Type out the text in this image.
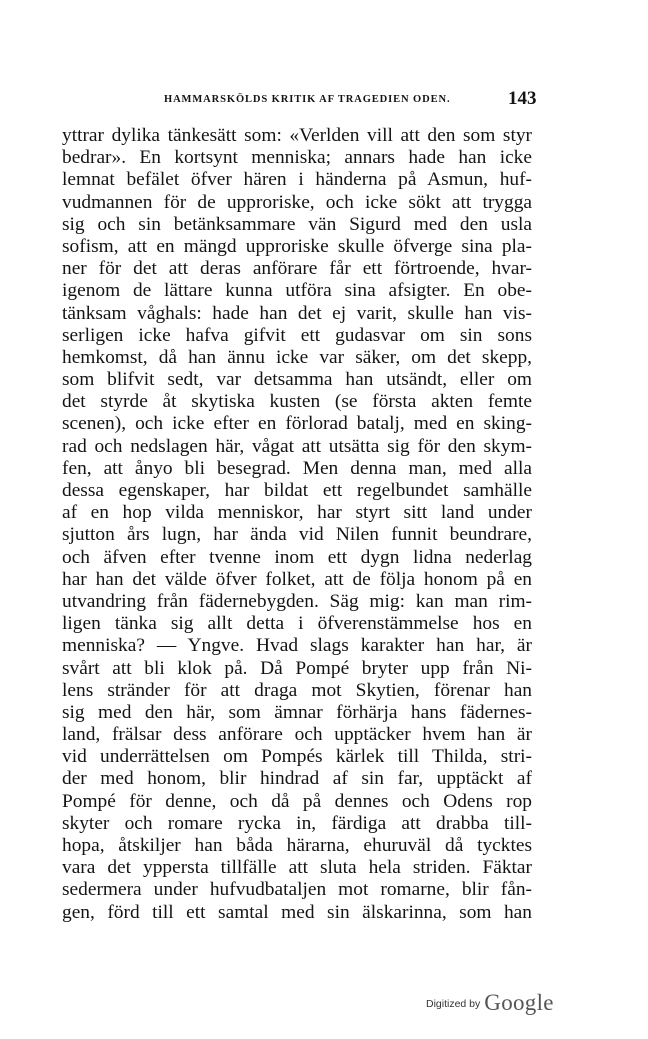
HAMMARSKÖLDS KRITIK AF TRAGEDIEN ODEN.	143
yttrar dylika tänkesätt som: «Verlden vill att den som styr
bedrar». En kortsynt menniska; annars hade han icke
lemnat befälet öfver hären i händerna på Asmun, huf-
vudmannen för de upproriske, och icke sökt att trygga
sig och sin betänksammare vän Sigurd med den usla
sofism, att en mängd upproriske skulle öfverge sina pla-
ner för det att deras anförare får ett förtroende, hvar-
igenom de lättare kunna utföra sina afsigter. En obe-
tänksam våghals: hade han det ej varit, skulle han vis-
serligen icke hafva gifvit ett gudasvar om sin sons
hemkomst, då han ännu icke var säker, om det skepp,
som blifvit sedt, var detsamma han utsändt, eller om
det styrde åt skytiska kusten (se första akten femte
scenen), och icke efter en förlorad batalj, med en sking-
rad och nedslagen här, vågat att utsätta sig för den skym-
fen, att ånyo bli besegrad. Men denna man, med alla
dessa egenskaper, har bildat ett regelbundet samhälle
af en hop vilda menniskor, har styrt sitt land under
sjutton års lugn, har ända vid Nilen funnit beundrare,
och äfven efter tvenne inom ett dygn lidna nederlag
har han det välde öfver folket, att de följa honom på en
utvandring från fädernebygden. Säg mig: kan man rim-
ligen tänka sig allt detta i öfverenstämmelse hos en
menniska? — Yngve. Hvad slags karakter han har, är
svårt att bli klok på. Då Pompé bryter upp från Ni-
lens stränder för att draga mot Skytien, förenar han
sig med den här, som ämnar förhärja hans fädernes-
land, frälsar dess anförare och upptäcker hvem han är
vid underrättelsen om Pompés kärlek till Thilda, stri-
der med honom, blir hindrad af sin far, upptäckt af
Pompé för denne, och då på dennes och Odens rop
skyter och romare rycka in, färdiga att drabba till-
hopa, åtskiljer han båda härarna, ehuruväl då tycktes
vara det yppersta tillfälle att sluta hela striden. Fäktar
sedermera under hufvudbataljen mot romarne, blir fån-
gen, förd till ett samtal med sin älskarinna, som han
Digitized by Google
